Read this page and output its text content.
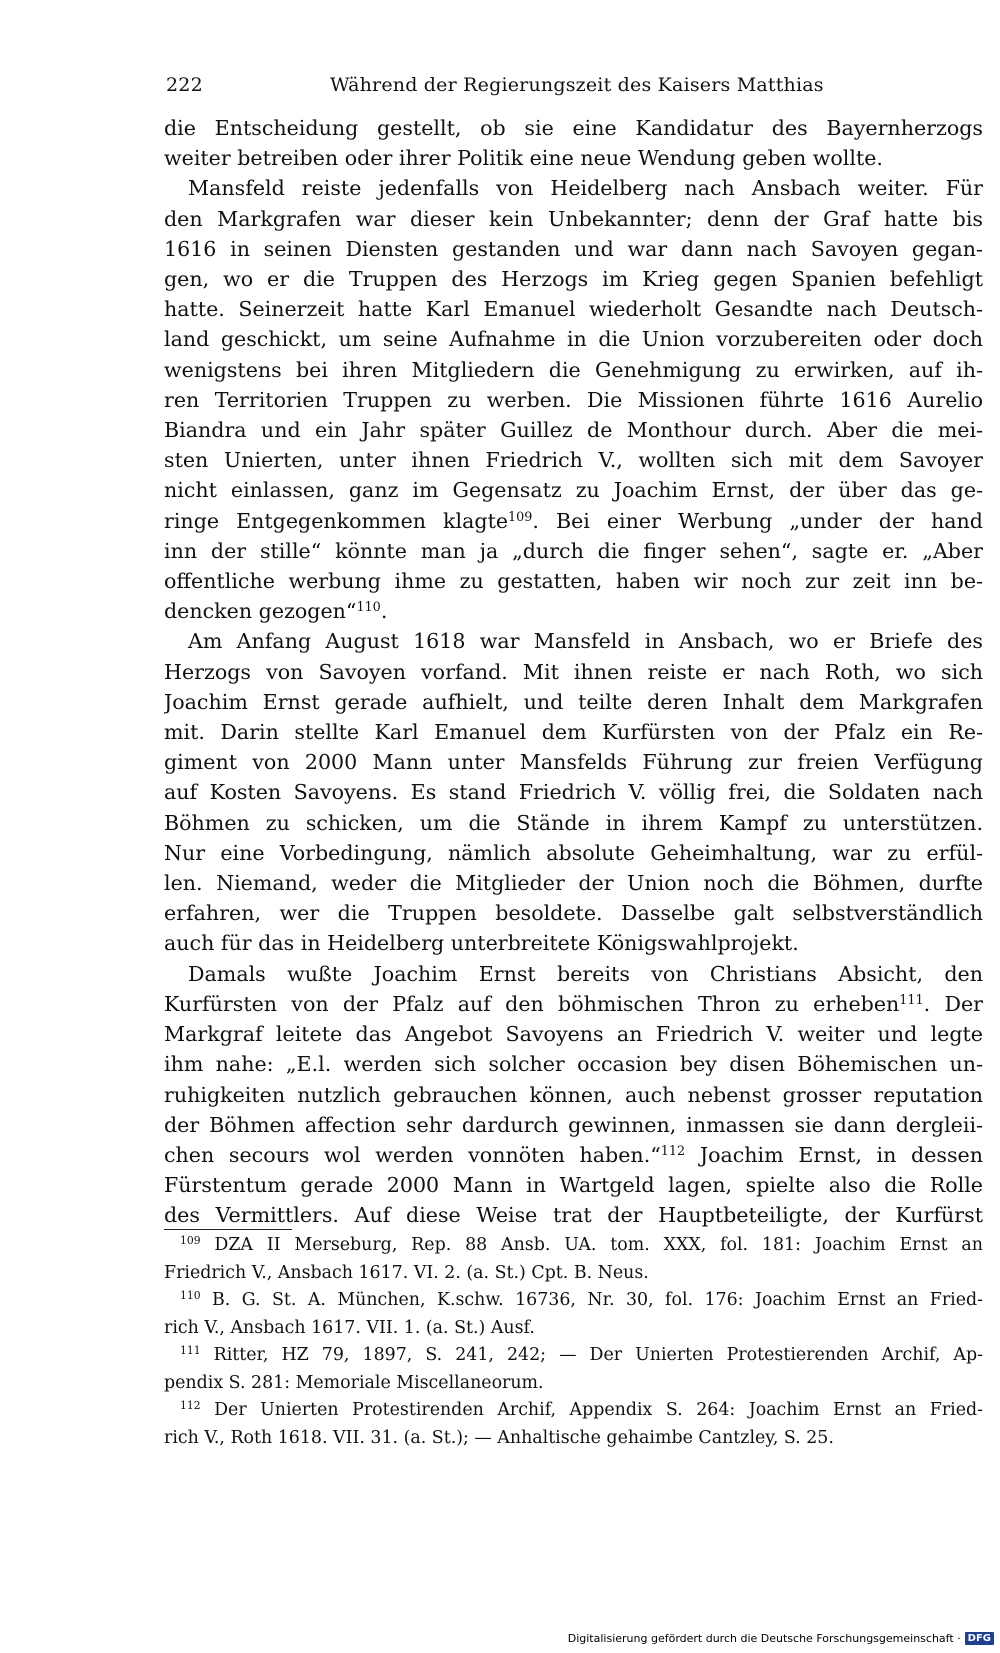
222	Während der Regierungszeit des Kaisers Matthias
die Entscheidung gestellt, ob sie eine Kandidatur des Bayernherzogs
weiter betreiben oder ihrer Politik eine neue Wendung geben wollte.
Mansfeld reiste jedenfalls von Heidelberg nach Ansbach weiter. Für
den Markgrafen war dieser kein Unbekannter; denn der Graf hatte bis
1616 in seinen Diensten gestanden und war dann nach Savoyen gegan-
gen, wo er die Truppen des Herzogs im Krieg gegen Spanien befehligt
hatte. Seinerzeit hatte Karl Emanuel wiederholt Gesandte nach Deutsch-
land geschickt, um seine Aufnahme in die Union vorzubereiten oder doch
wenigstens bei ihren Mitgliedern die Genehmigung zu erwirken, auf ih-
ren Territorien Truppen zu werben. Die Missionen führte 1616 Aurelio
Biandra und ein Jahr später Guillez de Monthour durch. Aber die mei-
sten Unierten, unter ihnen Friedrich V., wollten sich mit dem Savoyer
nicht einlassen, ganz im Gegensatz zu Joachim Ernst, der über das ge-
ringe Entgegenkommen klagte$^{109}$. Bei einer Werbung „under der hand
inn der stille“ könnte man ja „durch die finger sehen“, sagte er. „Aber
offentliche werbung ihme zu gestatten, haben wir noch zur zeit inn be-
dencken gezogen“$^{110}$.
Am Anfang August 1618 war Mansfeld in Ansbach, wo er Briefe des
Herzogs von Savoyen vorfand. Mit ihnen reiste er nach Roth, wo sich
Joachim Ernst gerade aufhielt, und teilte deren Inhalt dem Markgrafen
mit. Darin stellte Karl Emanuel dem Kurfürsten von der Pfalz ein Re-
giment von 2000 Mann unter Mansfelds Führung zur freien Verfügung
auf Kosten Savoyens. Es stand Friedrich V. völlig frei, die Soldaten nach
Böhmen zu schicken, um die Stände in ihrem Kampf zu unterstützen.
Nur eine Vorbedingung, nämlich absolute Geheimhaltung, war zu erfül-
len. Niemand, weder die Mitglieder der Union noch die Böhmen, durfte
erfahren, wer die Truppen besoldete. Dasselbe galt selbstverständlich
auch für das in Heidelberg unterbreitete Königswahlprojekt.
Damals wußte Joachim Ernst bereits von Christians Absicht, den
Kurfürsten von der Pfalz auf den böhmischen Thron zu erheben$^{111}$. Der
Markgraf leitete das Angebot Savoyens an Friedrich V. weiter und legte
ihm nahe: „E.l. werden sich solcher occasion bey disen Böhemischen un-
ruhigkeiten nutzlich gebrauchen können, auch nebenst grosser reputation
der Böhmen affection sehr dardurch gewinnen, inmassen sie dann dergleii-
chen secours wol werden vonnöten haben.“$^{112}$ Joachim Ernst, in dessen
Fürstentum gerade 2000 Mann in Wartgeld lagen, spielte also die Rolle
des Vermittlers. Auf diese Weise trat der Hauptbeteiligte, der Kurfürst
$^{109}$ DZA II Merseburg, Rep. 88 Ansb. UA. tom. XXX, fol. 181: Joachim Ernst an
Friedrich V., Ansbach 1617. VI. 2. (a. St.) Cpt. B. Neus.
$^{110}$ B. G. St. A. München, K.schw. 16736, Nr. 30, fol. 176: Joachim Ernst an Fried-
rich V., Ansbach 1617. VII. 1. (a. St.) Ausf.
$^{111}$ Ritter, HZ 79, 1897, S. 241, 242; — Der Unierten Protestierenden Archif, Ap-
pendix S. 281: Memoriale Miscellaneorum.
$^{112}$ Der Unierten Protestirenden Archif, Appendix S. 264: Joachim Ernst an Fried-
rich V., Roth 1618. VII. 31. (a. St.); — Anhaltische gehaimbe Cantzley, S. 25.
Digitalisierung gefördert durch die Deutsche Forschungsgemeinschaft · DFG
